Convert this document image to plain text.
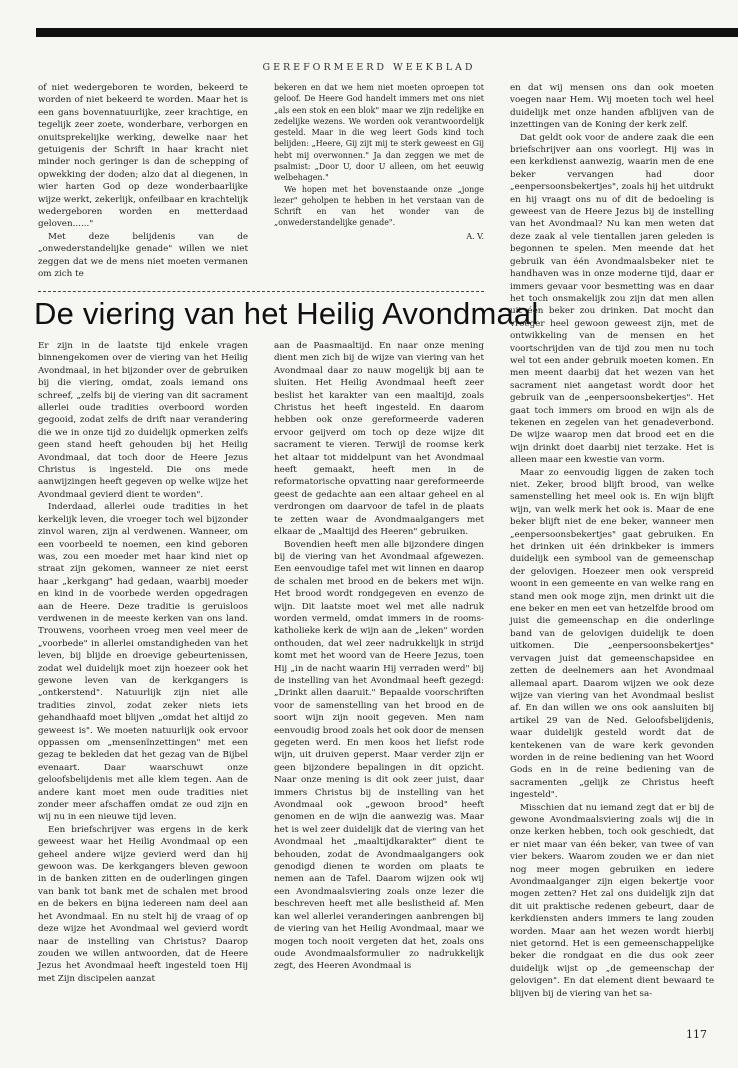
GEREFORMEERD WEEKBLAD

of niet wedergeboren te worden, bekeerd te worden of niet bekeerd te worden. Maar het is een gans bovennatuurlijke, zeer krachtige, en tegelijk zeer zoete, wonderbare, verborgen en onuitsprekelijke werking, dewelke naar het getuigenis der Schrift in haar kracht niet minder noch geringer is dan de schepping of opwekking der doden; alzo dat al diegenen, in wier harten God op deze wonderbaarlijke wijze werkt, zekerlijk, onfeilbaar en krachtelijk wedergeboren worden en metterdaad geloven......"

Met deze belijdenis van de „onwederstandelijke genade" willen we niet zeggen dat we de mens niet moeten vermanen om zich te

bekeren en dat we hem niet moeten oproepen tot geloof. De Heere God handelt immers met ons niet „als een stok en een blok" maar we zijn redelijke en zedelijke wezens. We worden ook verantwoordelijk gesteld. Maar in die weg leert Gods kind toch belijden: „Heere, Gij zijt mij te sterk geweest en Gij hebt mij overwonnen." Ja dan zeggen we met de psalmist: „Door U, door U alleen, om het eeuwig welbehagen."

We hopen met het bovenstaande onze „jonge lezer" geholpen te hebben in het verstaan van de Schrift en van het wonder van de „onwederstandelijke genade".

A. V.
De viering van het Heilig Avondmaal

Er zijn in de laatste tijd enkele vragen binnengekomen over de viering van het Heilig Avondmaal, in het bijzonder over de gebruiken bij die viering, omdat, zoals iemand ons schreef, „zelfs bij de viering van dit sacrament allerlei oude tradities overboord worden gegooid, zodat zelfs de drift naar verandering die we in onze tijd zo duidelijk opmerken zelfs geen stand heeft gehouden bij het Heilig Avondmaal, dat toch door de Heere Jezus Christus is ingesteld. Die ons mede aanwijzingen heeft gegeven op welke wijze het Avondmaal gevierd dient te worden".

Inderdaad, allerlei oude tradities in het kerkelijk leven, die vroeger toch wel bijzonder zinvol waren, zijn al verdwenen. Wanneer, om een voorbeeld te noemen, een kind geboren was, zou een moeder met haar kind niet op straat zijn gekomen, wanneer ze niet eerst haar „kerkgang" had gedaan, waarbij moeder en kind in de voorbede werden opgedragen aan de Heere. Deze traditie is geruisloos verdwenen in de meeste kerken van ons land. Trouwens, voorheen vroeg men veel meer de „voorbede" in allerlei omstandigheden van het leven, bij blijde en droevige gebeurtenissen, zodat wel duidelijk moet zijn hoezeer ook het gewone leven van de kerkgangers is „ontkerstend". Natuurlijk zijn niet alle tradities zinvol, zodat zeker niets iets gehandhaafd moet blijven „omdat het altijd zo geweest is". We moeten natuurlijk ook ervoor oppassen om „mensenïnzettingen" met een gezag te bekleden dat het gezag van de Bijbel evenaart. Daar waarschuwt onze geloofsbelijdenis met alle klem tegen. Aan de andere kant moet men oude tradities niet zonder meer afschaffen omdat ze oud zijn en wij nu in een nieuwe tijd leven.

Een briefschrijver was ergens in de kerk geweest waar het Heilig Avondmaal op een geheel andere wijze gevierd werd dan hij gewoon was. De kerkgangers bleven gewoon in de banken zitten en de ouderlingen gingen van bank tot bank met de schalen met brood en de bekers en bijna iedereen nam deel aan het Avondmaal. En nu stelt hij de vraag of op deze wijze het Avondmaal wel gevierd wordt naar de instelling van Christus? Daarop zouden we willen antwoorden, dat de Heere Jezus het Avondmaal heeft ingesteld toen Hij met Zijn discipelen aanzat

aan de Paasmaaltijd. En naar onze mening dient men zich bij de wijze van viering van het Avondmaal daar zo nauw mogelijk bij aan te sluiten. Het Heilig Avondmaal heeft zeer beslist het karakter van een maaltijd, zoals Christus het heeft ingesteld. En daarom hebben ook onze gereformeerde vaderen ervoor geijverd om toch op deze wijze dit sacrament te vieren. Terwijl de roomse kerk het altaar tot middelpunt van het Avondmaal heeft gemaakt, heeft men in de reformatorische opvatting naar gereformeerde geest de gedachte aan een altaar geheel en al verdrongen om daarvoor de tafel in de plaats te zetten waar de Avondmaalgangers met elkaar de „Maaltijd des Heeren" gebruiken.

Bovendien heeft men alle bijzondere dingen bij de viering van het Avondmaal afgewezen. Een eenvoudige tafel met wit linnen en daarop de schalen met brood en de bekers met wijn. Het brood wordt rondgegeven en evenzo de wijn. Dit laatste moet wel met alle nadruk worden vermeld, omdat immers in de rooms-katholieke kerk de wijn aan de „leken" worden onthouden, dat wel zeer nadrukkelijk in strijd komt met het woord van de Heere Jezus, toen Hij „in de nacht waarin Hij verraden werd" bij de instelling van het Avondmaal heeft gezegd: „Drinkt allen daaruit." Bepaalde voorschriften voor de samenstelling van het brood en de soort wijn zijn nooit gegeven. Men nam eenvoudig brood zoals het ook door de mensen gegeten werd. En men koos het liefst rode wijn, uit druiven geperst. Maar verder zijn er geen bijzondere bepalingen in dit opzicht. Naar onze mening is dit ook zeer juist, daar immers Christus bij de instelling van het Avondmaal ook „gewoon brood" heeft genomen en de wijn die aanwezig was. Maar het is wel zeer duidelijk dat de viering van het Avondmaal het „maaltijdkarakter" dient te behouden, zodat de Avondmaalgangers ook genodigd dienen te worden om plaats te nemen aan de Tafel. Daarom wijzen ook wij een Avondmaalsviering zoals onze lezer die beschreven heeft met alle beslistheid af. Men kan wel allerlei veranderingen aanbrengen bij de viering van het Heilig Avondmaal, maar we mogen toch nooit vergeten dat het, zoals ons oude Avondmaalsformulier zo nadrukkelijk zegt, des Heeren Avondmaal is

en dat wij mensen ons dan ook moeten voegen naar Hem. Wij moeten toch wel heel duidelijk met onze handen afblijven van de inzettingen van de Koning der kerk zelf.

Dat geldt ook voor de andere zaak die een briefschrijver aan ons voorlegt. Hij was in een kerkdienst aanwezig, waarin men de ene beker vervangen had door „eenpersoonsbekertjes", zoals hij het uitdrukt en hij vraagt ons nu of dit de bedoeling is geweest van de Heere Jezus bij de instelling van het Avondmaal? Nu kan men weten dat deze zaak al vele tientallen jaren geleden is begonnen te spelen. Men meende dat het gebruik van één Avondmaalsbeker niet te handhaven was in onze moderne tijd, daar er immers gevaar voor besmetting was en daar het toch onsmakelijk zou zijn dat men allen uit één beker zou drinken. Dat mocht dan vroeger heel gewoon geweest zijn, met de ontwikkeling van de mensen en het voortschrijden van de tijd zou men nu toch wel tot een ander gebruik moeten komen. En men meent daarbij dat het wezen van het sacrament niet aangetast wordt door het gebruik van de „eenpersoonsbekertjes". Het gaat toch immers om brood en wijn als de tekenen en zegelen van het genadeverbond. De wijze waarop men dat brood eet en die wijn drinkt doet daarbij niet terzake. Het is alleen maar een kwestie van vorm.

Maar zo eenvoudig liggen de zaken toch niet. Zeker, brood blijft brood, van welke samenstelling het meel ook is. En wijn blijft wijn, van welk merk het ook is. Maar de ene beker blijft niet de ene beker, wanneer men „eenpersoonsbekertjes" gaat gebruiken. En het drinken uit één drinkbeker is immers duidelijk een symbool van de gemeenschap der gelovigen. Hoezeer men ook verspreid woont in een gemeente en van welke rang en stand men ook moge zijn, men drinkt uit die ene beker en men eet van hetzelfde brood om juist die gemeenschap en die onderlinge band van de gelovigen duidelijk te doen uitkomen. Die „eenpersoonsbekertjes" vervagen juist dat gemeenschapsidee en zetten de deelnemers aan het Avondmaal allemaal apart. Daarom wijzen we ook deze wijze van viering van het Avondmaal beslist af. En dan willen we ons ook aansluiten bij artikel 29 van de Ned. Geloofsbelijdenis, waar duidelijk gesteld wordt dat de kentekenen van de ware kerk gevonden worden in de reine bediening van het Woord Gods en in de reine bediening van de sacramenten „gelijk ze Christus heeft ingesteld".

Misschien dat nu iemand zegt dat er bij de gewone Avondmaalsviering zoals wij die in onze kerken hebben, toch ook geschiedt, dat er niet maar van één beker, van twee of van vier bekers. Waarom zouden we er dan niet nog meer mogen gebruiken en iedere Avondmaalganger zijn eigen bekertje voor mogen zetten? Het zal ons duidelijk zijn dat dit uit praktische redenen gebeurt, daar de kerkdiensten anders immers te lang zouden worden. Maar aan het wezen wordt hierbij niet getornd. Het is een gemeenschappelijke beker die rondgaat en die dus ook zeer duidelijk wijst op „de gemeenschap der gelovigen". En dat element dient bewaard te blijven bij de viering van het sa-

117
